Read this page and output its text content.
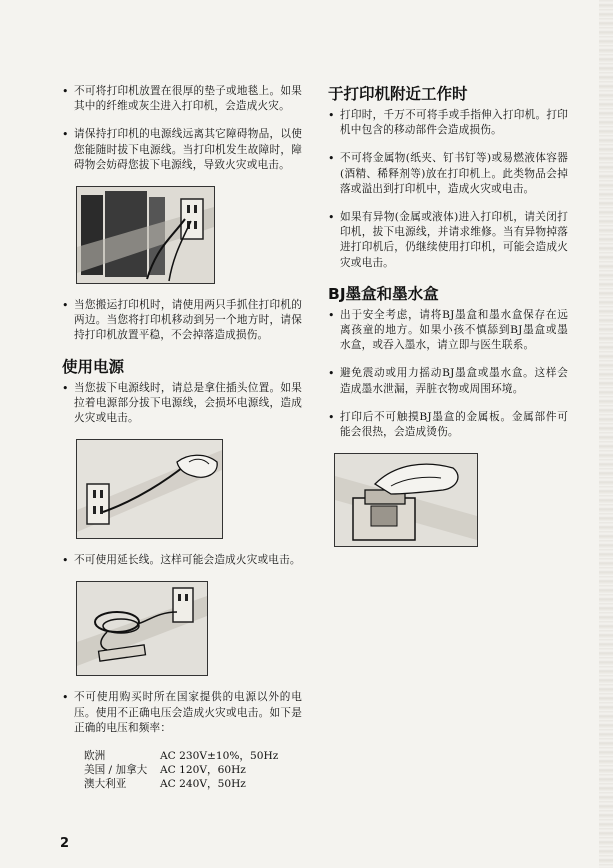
• 不可将打印机放置在很厚的垫子或地毯上。如果其中的纤维或灰尘进入打印机，会造成火灾。
• 请保持打印机的电源线远离其它障碍物品，以使您能随时拔下电源线。当打印机发生故障时，障碍物会妨碍您拔下电源线，导致火灾或电击。
• 当您搬运打印机时，请使用两只手抓住打印机的两边。当您将打印机移动到另一个地方时，请保持打印机放置平稳，不会掉落造成损伤。
使用电源
• 当您拔下电源线时，请总是拿住插头位置。如果拉着电源部分拔下电源线，会损坏电源线，造成火灾或电击。
• 不可使用延长线。这样可能会造成火灾或电击。
• 不可使用购买时所在国家提供的电源以外的电压。使用不正确电压会造成火灾或电击。如下是正确的电压和频率：
欧洲	AC 230V±10%，50Hz
美国 / 加拿大	AC 120V，60Hz
澳大利亚	AC 240V，50Hz
于打印机附近工作时
• 打印时，千万不可将手或手指伸入打印机。打印机中包含的移动部件会造成损伤。
• 不可将金属物(纸夹、钉书钉等)或易燃液体容器(酒精、稀释剂等)放在打印机上。此类物品会掉落或溢出到打印机中，造成火灾或电击。
• 如果有异物(金属或液体)进入打印机，请关闭打印机，拔下电源线，并请求维修。当有异物掉落进打印机后，仍继续使用打印机，可能会造成火灾或电击。
BJ墨盒和墨水盒
• 出于安全考虑，请将BJ墨盒和墨水盒保存在远离孩童的地方。如果小孩不慎舔到BJ墨盒或墨水盒，或吞入墨水，请立即与医生联系。
• 避免震动或用力摇动BJ墨盒或墨水盒。这样会造成墨水泄漏，弄脏衣物或周围环境。
• 打印后不可触摸BJ墨盒的金属板。金属部件可能会很热，会造成烫伤。
2
